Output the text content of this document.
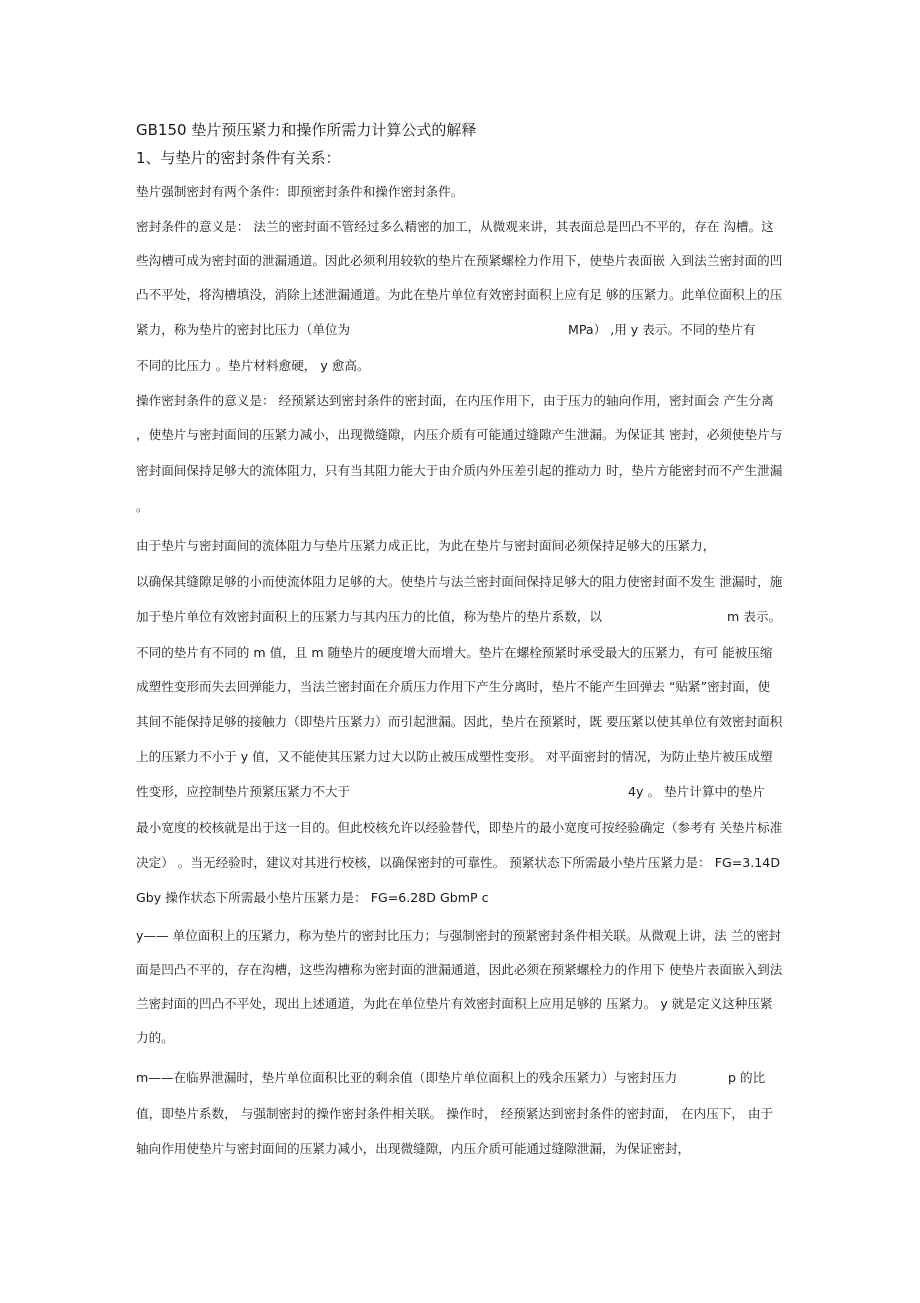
GB150 垫片预压紧力和操作所需力计算公式的解释
1、与垫片的密封条件有关系：
垫片强制密封有两个条件：即预密封条件和操作密封条件。
密封条件的意义是： 法兰的密封面不管经过多么精密的加工，从微观来讲，其表面总是凹凸不平的，存在 沟槽。这
些沟槽可成为密封面的泄漏通道。因此必须利用较软的垫片在预紧螺栓力作用下，使垫片表面嵌 入到法兰密封面的凹
凸不平处，将沟槽填没，消除上述泄漏通道。为此在垫片单位有效密封面积上应有足 够的压紧力。此单位面积上的压
紧力，称为垫片的密封比压力（单位为	MPa） ,用 y 表示。不同的垫片有
不同的比压力 。垫片材料愈硬， y 愈高。
操作密封条件的意义是： 经预紧达到密封条件的密封面，在内压作用下，由于压力的轴向作用，密封面会 产生分离
，使垫片与密封面间的压紧力减小，出现微缝隙，内压介质有可能通过缝隙产生泄漏。为保证其 密封，必须使垫片与
密封面间保持足够大的流体阻力，只有当其阻力能大于由介质内外压差引起的推动力 时，垫片方能密封而不产生泄漏
。
由于垫片与密封面间的流体阻力与垫片压紧力成正比，为此在垫片与密封面间必须保持足够大的压紧力，
以确保其缝隙足够的小而使流体阻力足够的大。使垫片与法兰密封面间保持足够大的阻力使密封面不发生 泄漏时，施
加于垫片单位有效密封面积上的压紧力与其内压力的比值，称为垫片的垫片系数，以	m 表示。
不同的垫片有不同的 m 值，且 m 随垫片的硬度增大而增大。垫片在螺栓预紧时承受最大的压紧力，有可 能被压缩
成塑性变形而失去回弹能力，当法兰密封面在介质压力作用下产生分离时，垫片不能产生回弹去 “贴紧”密封面，使
其间不能保持足够的接触力（即垫片压紧力）而引起泄漏。因此，垫片在预紧时，既 要压紧以使其单位有效密封面积
上的压紧力不小于 y 值，又不能使其压紧力过大以防止被压成塑性变形。 对平面密封的情况，为防止垫片被压成塑
性变形，应控制垫片预紧压紧力不大于	4y 。 垫片计算中的垫片
最小宽度的校核就是出于这一目的。但此校核允许以经验替代，即垫片的最小宽度可按经验确定（参考有 关垫片标准
决定） 。当无经验时，建议对其进行校核，以确保密封的可靠性。 预紧状态下所需最小垫片压紧力是： FG=3.14D
Gby 操作状态下所需最小垫片压紧力是： FG=6.28D GbmP c
y—— 单位面积上的压紧力，称为垫片的密封比压力；与强制密封的预紧密封条件相关联。从微观上讲，法 兰的密封
面是凹凸不平的，存在沟槽，这些沟槽称为密封面的泄漏通道，因此必须在预紧螺栓力的作用下 使垫片表面嵌入到法
兰密封面的凹凸不平处，现出上述通道，为此在单位垫片有效密封面积上应用足够的 压紧力。 y 就是定义这种压紧
力的。
m——在临界泄漏时，垫片单位面积比亚的剩余值（即垫片单位面积上的残余压紧力）与密封压力	p 的比
值，即垫片系数， 与强制密封的操作密封条件相关联。 操作时， 经预紧达到密封条件的密封面， 在内压下， 由于
轴向作用使垫片与密封面间的压紧力减小，出现微缝隙，内压介质可能通过缝隙泄漏，为保证密封，
